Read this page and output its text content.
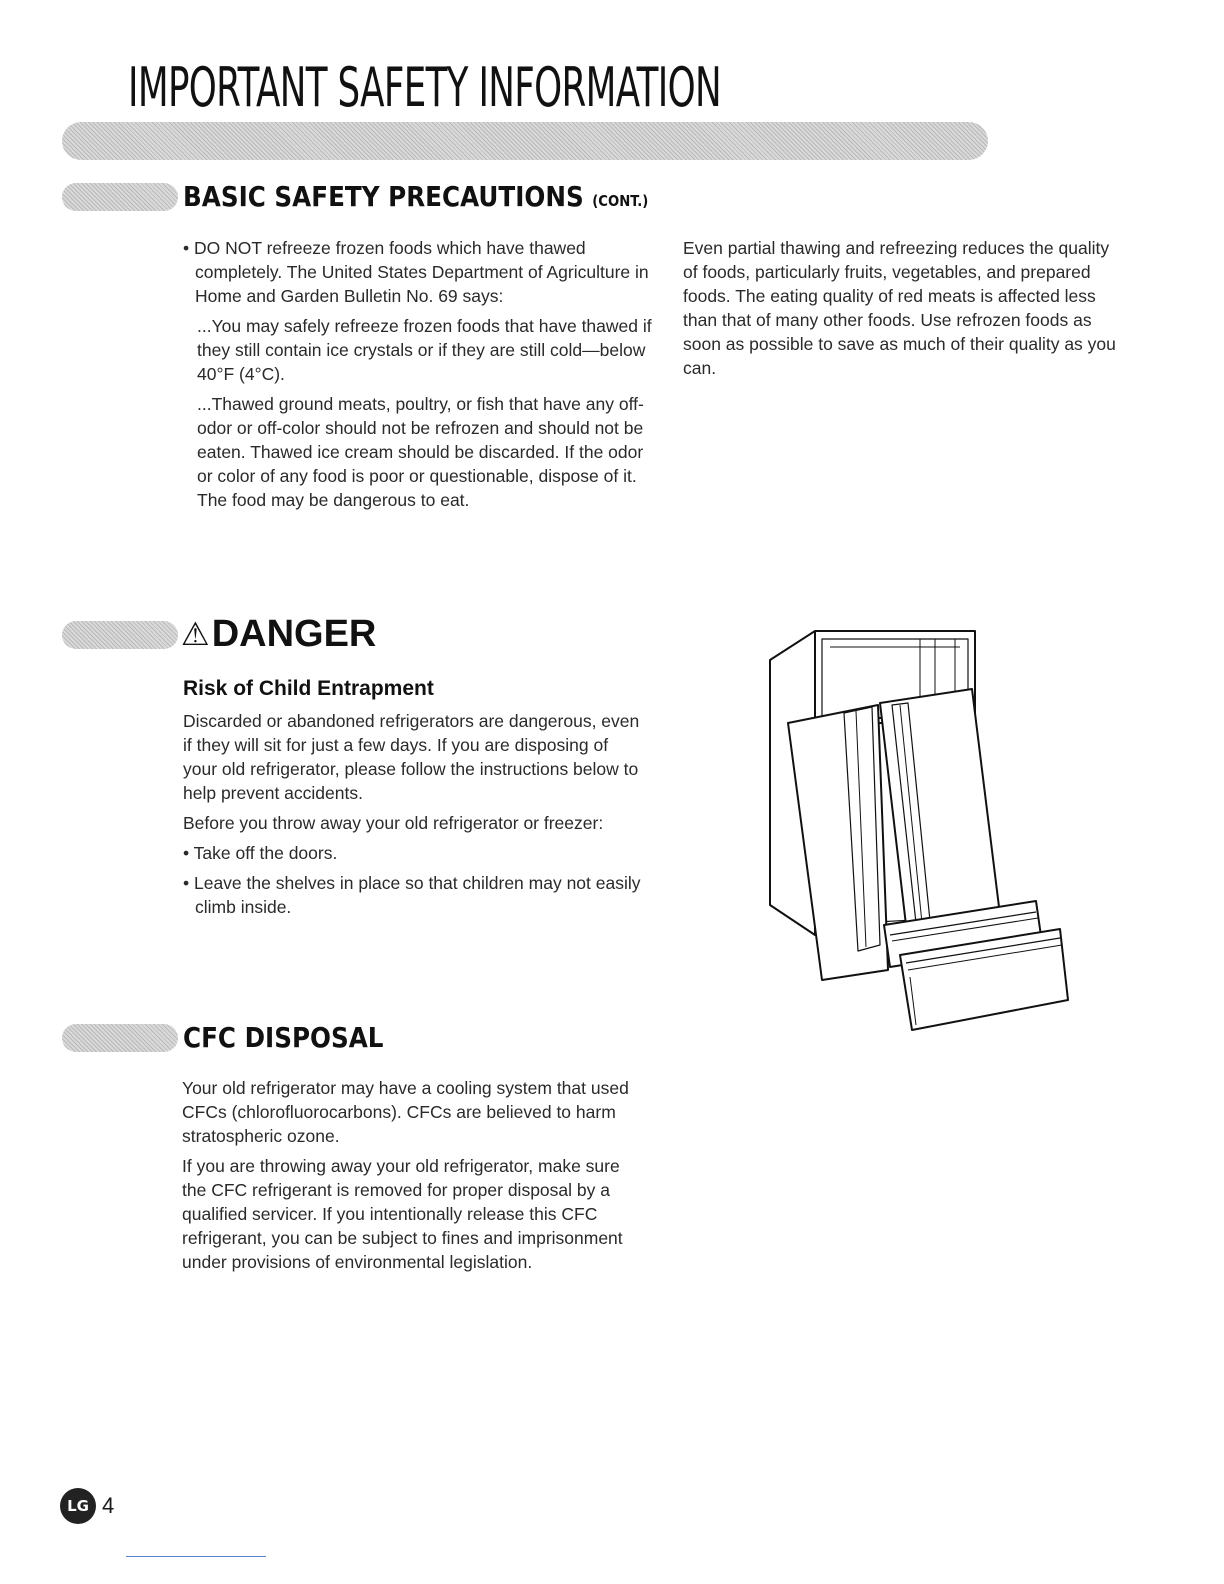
IMPORTANT SAFETY INFORMATION
BASIC SAFETY PRECAUTIONS (CONT.)

• DO NOT refreeze frozen foods which have thawed completely. The United States Department of Agriculture in Home and Garden Bulletin No. 69 says:

...You may safely refreeze frozen foods that have thawed if they still contain ice crystals or if they are still cold—below 40°F (4°C).

...Thawed ground meats, poultry, or fish that have any off-odor or off-color should not be refrozen and should not be eaten. Thawed ice cream should be discarded. If the odor or color of any food is poor or questionable, dispose of it. The food may be dangerous to eat.

Even partial thawing and refreezing reduces the quality of foods, particularly fruits, vegetables, and prepared foods. The eating quality of red meats is affected less than that of many other foods. Use refrozen foods as soon as possible to save as much of their quality as you can.

⚠ DANGER
Risk of Child Entrapment

Discarded or abandoned refrigerators are dangerous, even if they will sit for just a few days. If you are disposing of your old refrigerator, please follow the instructions below to help prevent accidents.

Before you throw away your old refrigerator or freezer:

• Take off the doors.

• Leave the shelves in place so that children may not easily climb inside.

CFC DISPOSAL

Your old refrigerator may have a cooling system that used CFCs (chlorofluorocarbons). CFCs are believed to harm stratospheric ozone.

If you are throwing away your old refrigerator, make sure the CFC refrigerant is removed for proper disposal by a qualified servicer. If you intentionally release this CFC refrigerant, you can be subject to fines and imprisonment under provisions of environmental legislation.

LG 4
